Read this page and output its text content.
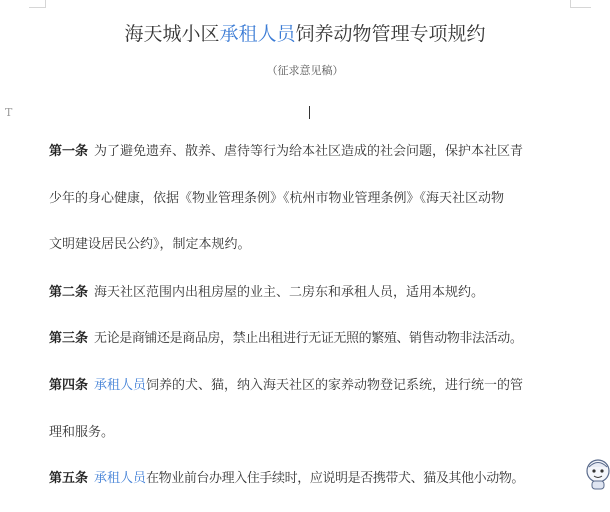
T
海天城小区承租人员饲养动物管理专项规约
（征求意见稿）
第一条 为了避免遗弃、散养、虐待等行为给本社区造成的社会问题，保护本社区青
少年的身心健康，依据《物业管理条例》《杭州市物业管理条例》《海天社区动物
文明建设居民公约》，制定本规约。
第二条 海天社区范围内出租房屋的业主、二房东和承租人员，适用本规约。
第三条 无论是商铺还是商品房，禁止出租进行无证无照的繁殖、销售动物非法活动。
第四条 承租人员饲养的犬、猫，纳入海天社区的家养动物登记系统，进行统一的管
理和服务。
第五条 承租人员在物业前台办理入住手续时，应说明是否携带犬、猫及其他小动物。
